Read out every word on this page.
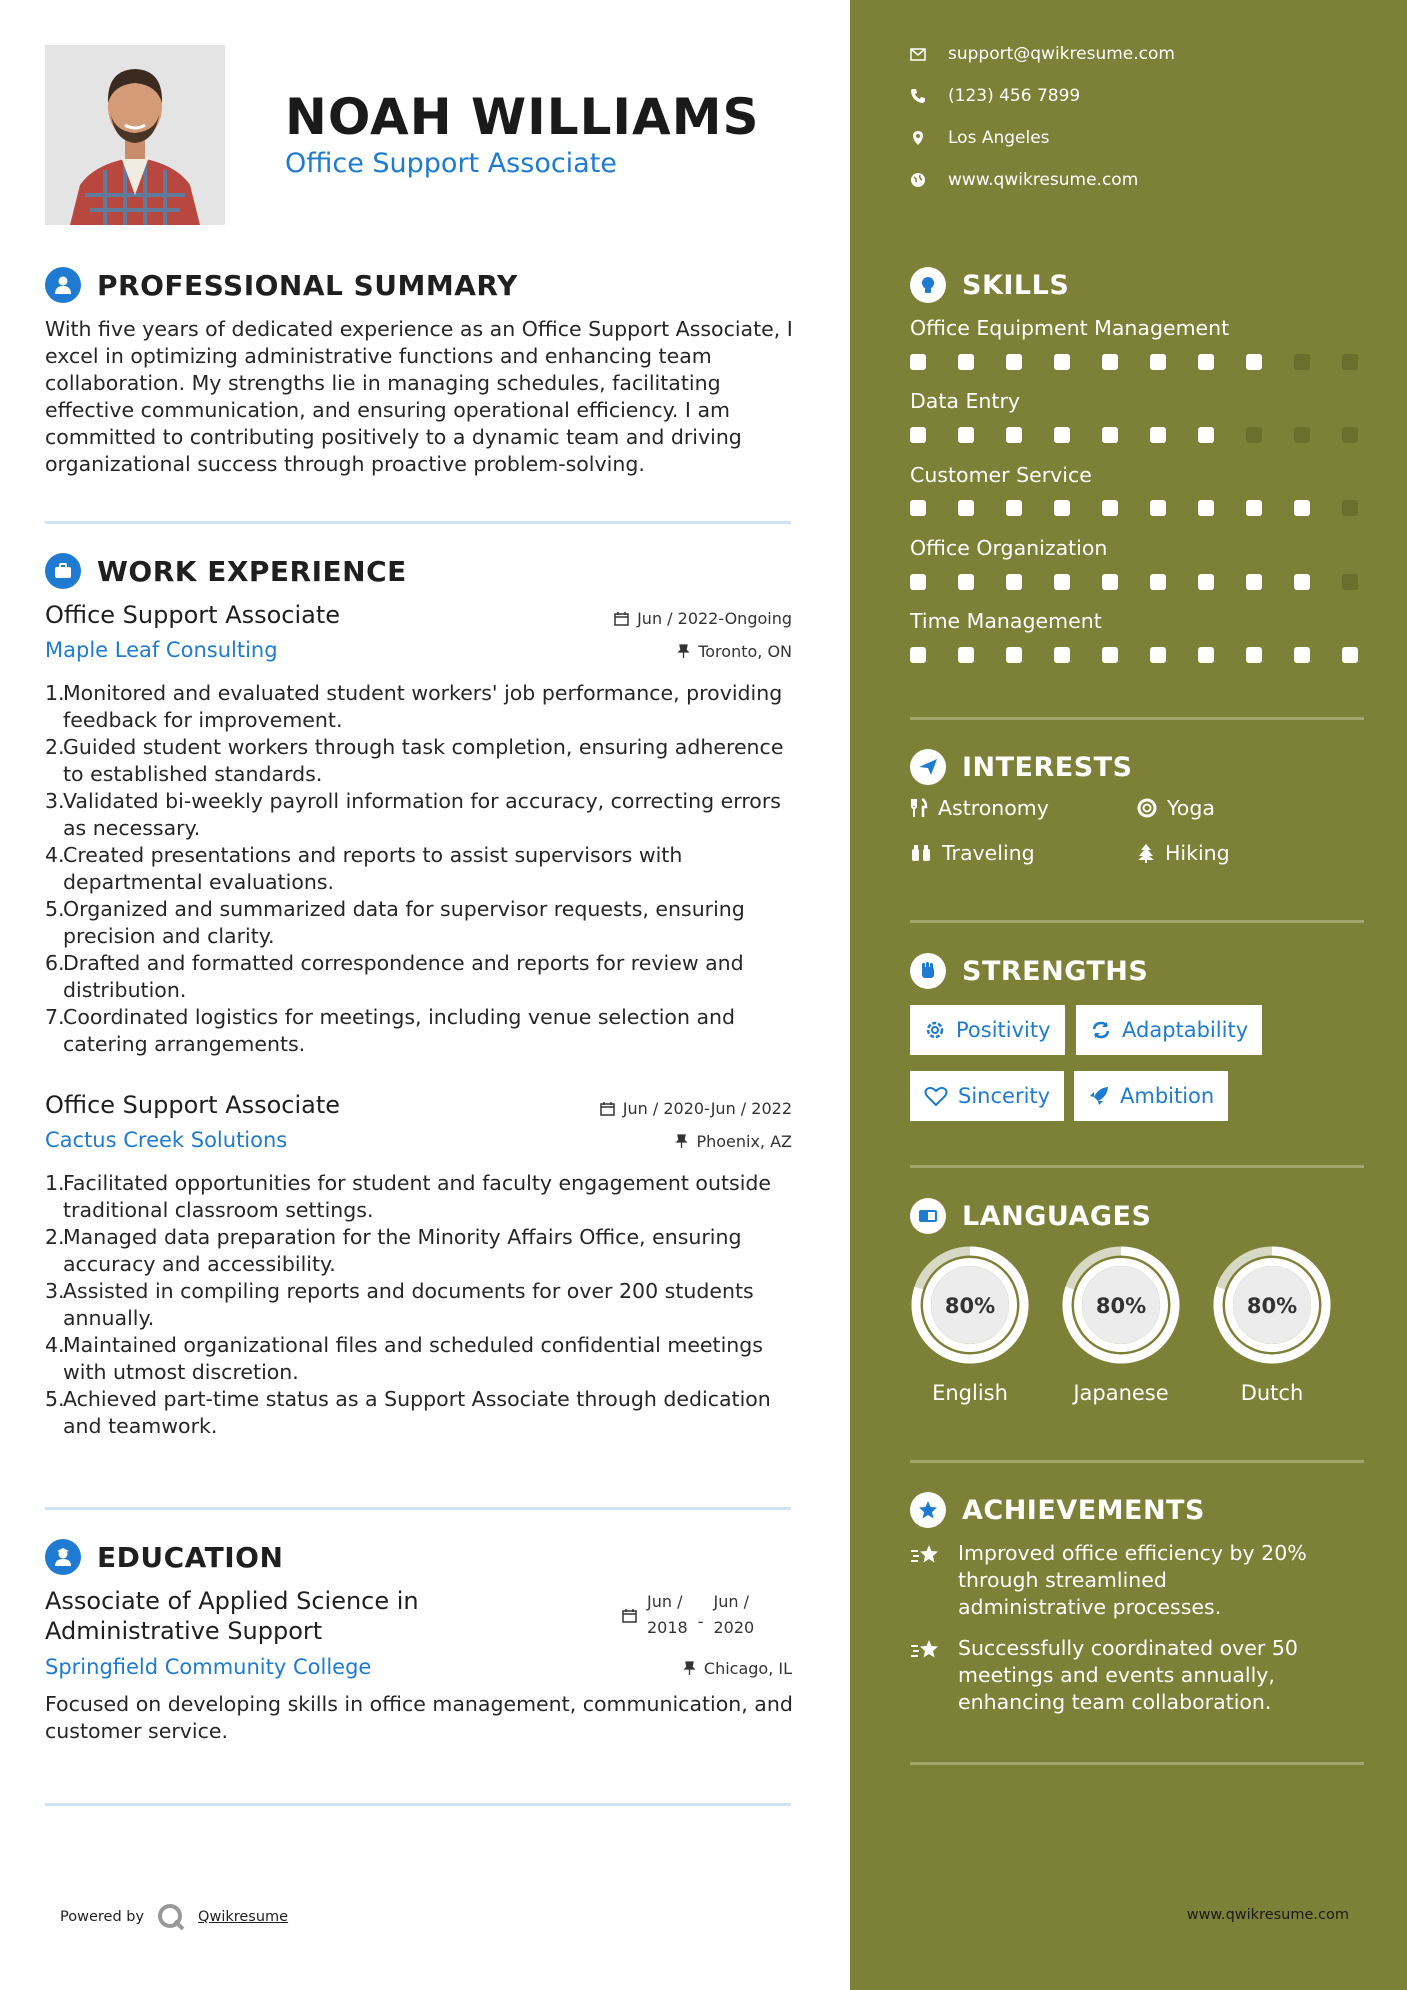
NOAH WILLIAMS
Office Support Associate
PROFESSIONAL SUMMARY

With five years of dedicated experience as an Office Support Associate, I excel in optimizing administrative functions and enhancing team collaboration. My strengths lie in managing schedules, facilitating effective communication, and ensuring operational efficiency. I am committed to contributing positively to a dynamic team and driving organizational success through proactive problem-solving.

WORK EXPERIENCE
Office Support Associate	Jun / 2022-Ongoing
Maple Leaf Consulting	Toronto, ON
1.
Monitored and evaluated student workers' job performance, providing feedback for improvement.
2.
Guided student workers through task completion, ensuring adherence to established standards.
3.
Validated bi-weekly payroll information for accuracy, correcting errors as necessary.
4.
Created presentations and reports to assist supervisors with departmental evaluations.
5.
Organized and summarized data for supervisor requests, ensuring precision and clarity.
6.
Drafted and formatted correspondence and reports for review and distribution.
7.
Coordinated logistics for meetings, including venue selection and catering arrangements.
Office Support Associate	Jun / 2020-Jun / 2022
Cactus Creek Solutions	Phoenix, AZ
1.
Facilitated opportunities for student and faculty engagement outside traditional classroom settings.
2.
Managed data preparation for the Minority Affairs Office, ensuring accuracy and accessibility.
3.
Assisted in compiling reports and documents for over 200 students annually.
4.
Maintained organizational files and scheduled confidential meetings with utmost discretion.
5.
Achieved part-time status as a Support Associate through dedication and teamwork.
EDUCATION
Associate of Applied Science in
Administrative Support
Jun /
2018 -
Jun /
2020
Springfield Community College	Chicago, IL

Focused on developing skills in office management, communication, and customer service.

Powered by	Qwikresume
support@qwikresume.com
(123) 456 7899
Los Angeles
www.qwikresume.com
SKILLS
Office Equipment Management
Data Entry
Customer Service
Office Organization
Time Management
INTERESTS
Astronomy	Yoga
Traveling	Hiking
STRENGTHS
Positivity	Adaptability
Sincerity	Ambition
LANGUAGES
80%	80%	80%
English	Japanese	Dutch
ACHIEVEMENTS
Improved office efficiency by 20% through streamlined administrative processes.
Successfully coordinated over 50 meetings and events annually, enhancing team collaboration.
www.qwikresume.com
